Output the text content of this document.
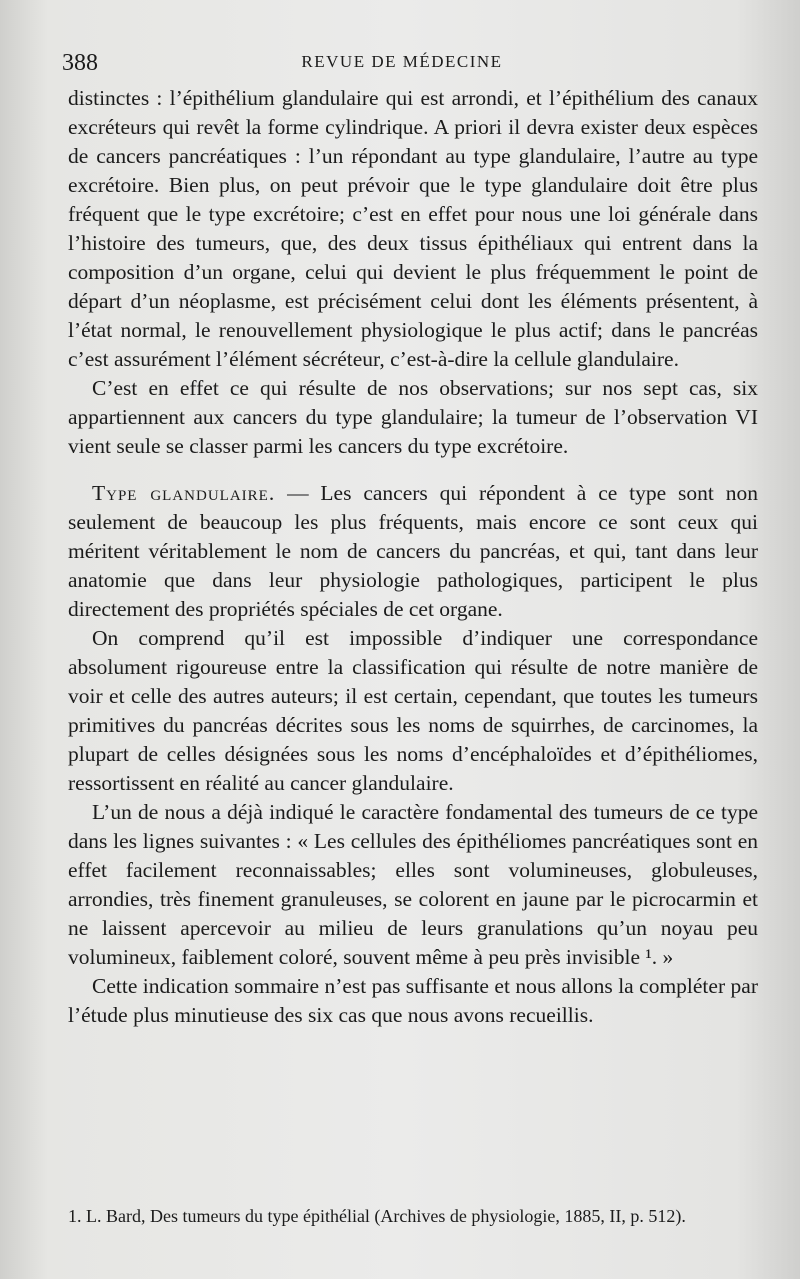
388	REVUE DE MÉDECINE

distinctes : l’épithélium glandulaire qui est arrondi, et l’épithélium des canaux excréteurs qui revêt la forme cylindrique. A priori il devra exister deux espèces de cancers pancréatiques : l’un répondant au type glandulaire, l’autre au type excrétoire. Bien plus, on peut prévoir que le type glandulaire doit être plus fréquent que le type excrétoire; c’est en effet pour nous une loi générale dans l’histoire des tumeurs, que, des deux tissus épithéliaux qui entrent dans la composition d’un organe, celui qui devient le plus fréquemment le point de départ d’un néoplasme, est précisément celui dont les éléments présentent, à l’état normal, le renouvellement physiologique le plus actif; dans le pancréas c’est assurément l’élément sécréteur, c’est-à-dire la cellule glandulaire.

C’est en effet ce qui résulte de nos observations; sur nos sept cas, six appartiennent aux cancers du type glandulaire; la tumeur de l’observation VI vient seule se classer parmi les cancers du type excrétoire.

Type glandulaire. — Les cancers qui répondent à ce type sont non seulement de beaucoup les plus fréquents, mais encore ce sont ceux qui méritent véritablement le nom de cancers du pancréas, et qui, tant dans leur anatomie que dans leur physiologie pathologiques, participent le plus directement des propriétés spéciales de cet organe.

On comprend qu’il est impossible d’indiquer une correspondance absolument rigoureuse entre la classification qui résulte de notre manière de voir et celle des autres auteurs; il est certain, cependant, que toutes les tumeurs primitives du pancréas décrites sous les noms de squirrhes, de carcinomes, la plupart de celles désignées sous les noms d’encéphaloïdes et d’épithéliomes, ressortissent en réalité au cancer glandulaire.

L’un de nous a déjà indiqué le caractère fondamental des tumeurs de ce type dans les lignes suivantes : « Les cellules des épithéliomes pancréatiques sont en effet facilement reconnaissables; elles sont volumineuses, globuleuses, arrondies, très finement granuleuses, se colorent en jaune par le picrocarmin et ne laissent apercevoir au milieu de leurs granulations qu’un noyau peu volumineux, faiblement coloré, souvent même à peu près invisible ¹. »

Cette indication sommaire n’est pas suffisante et nous allons la compléter par l’étude plus minutieuse des six cas que nous avons recueillis.

1. L. Bard, Des tumeurs du type épithélial (Archives de physiologie, 1885, II, p. 512).
